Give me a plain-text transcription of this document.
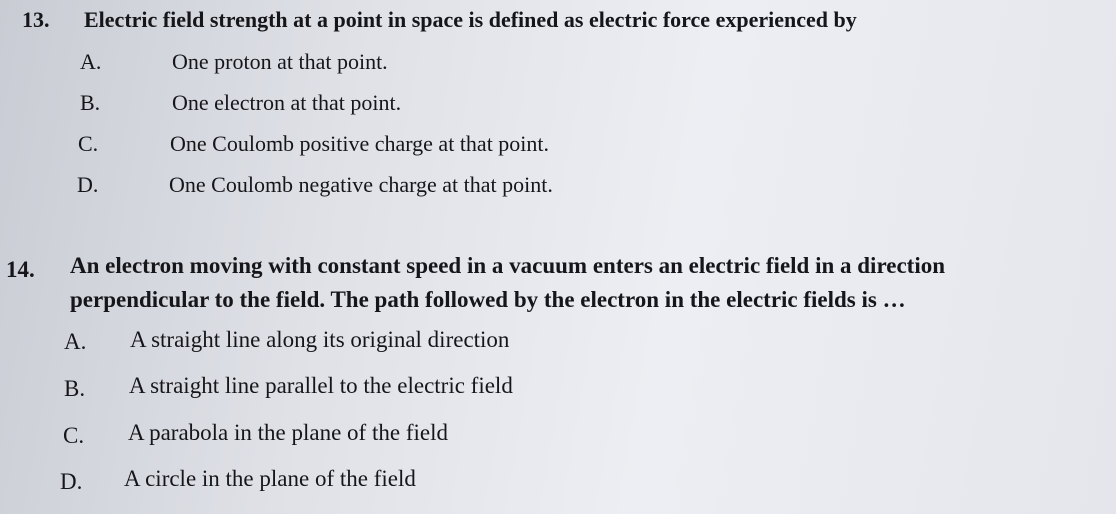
13. Electric field strength at a point in space is defined as electric force experienced by
A.	One proton at that point.
B.	One electron at that point.
C.	One Coulomb positive charge at that point.
D.	One Coulomb negative charge at that point.
14. An electron moving with constant speed in a vacuum enters an electric field in a direction
perpendicular to the field. The path followed by the electron in the electric fields is …
A. A straight line along its original direction
B. A straight line parallel to the electric field
C. A parabola in the plane of the field
D. A circle in the plane of the field
